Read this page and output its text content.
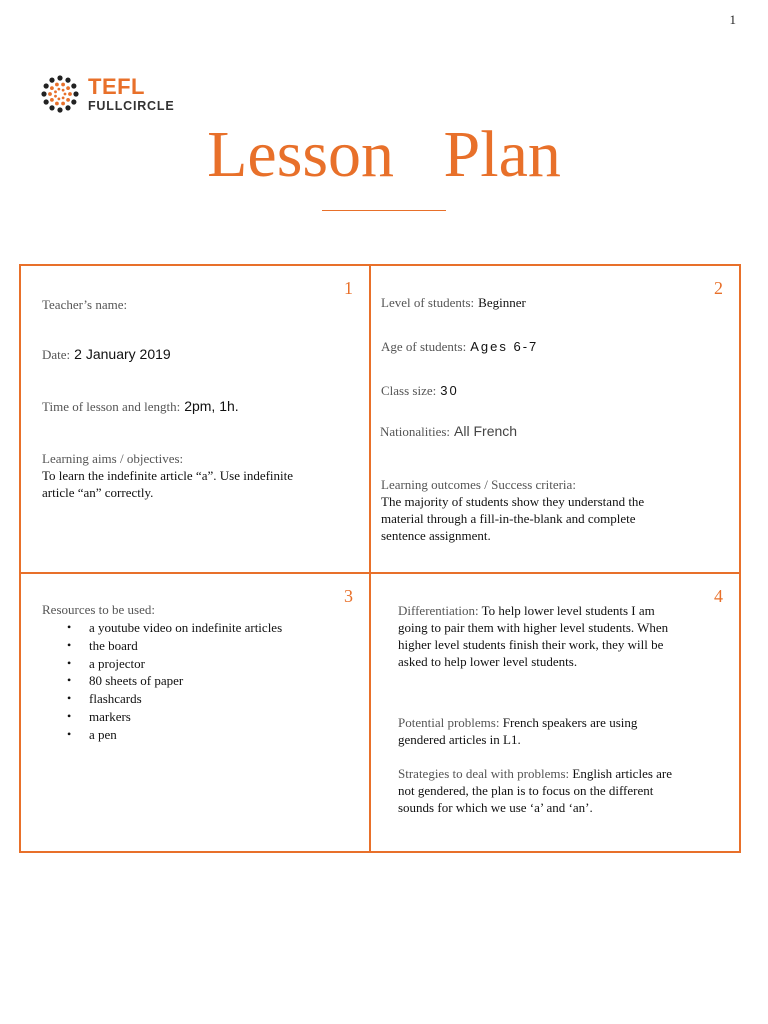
1
TEFL
FULLCIRCLE
Lesson   Plan
1
Teacher’s name:
Date: 2 January 2019
Time of lesson and length: 2pm, 1h.
Learning aims / objectives:
To learn the indefinite article “a”. Use indefinite article “an” correctly.
2
Level of students: Beginner
Age of students: Ages 6-7
Class size: 30
Nationalities: All French
Learning outcomes / Success criteria:
The majority of students show they understand the material through a fill-in-the-blank and complete sentence assignment.
3
Resources to be used:
• a youtube video on indefinite articles
• the board
• a projector
• 80 sheets of paper
• flashcards
• markers
• a pen
4
Differentiation: To help lower level students I am going to pair them with higher level students. When higher level students finish their work, they will be asked to help lower level students.
Potential problems: French speakers are using gendered articles in L1.
Strategies to deal with problems: English articles are not gendered, the plan is to focus on the different sounds for which we use ‘a’ and ‘an’.
